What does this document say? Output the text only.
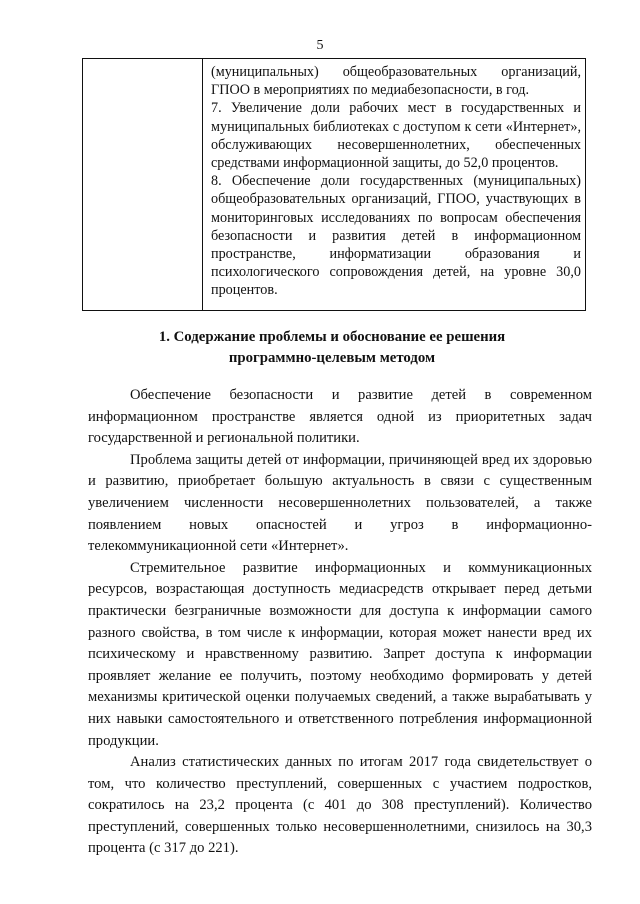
5

(муниципальных) общеобразовательных организаций, ГПОО в мероприятиях по медиабезопасности, в год.

7. Увеличение доли рабочих мест в государственных и муниципальных библиотеках с доступом к сети «Интернет», обслуживающих несовершеннолетних, обеспеченных средствами информационной защиты, до 52,0 процентов.

8. Обеспечение доли государственных (муниципальных) общеобразовательных организаций, ГПОО, участвующих в мониторинговых исследованиях по вопросам обеспечения безопасности и развития детей в информационном пространстве, информатизации образования и психологического сопровождения детей, на уровне 30,0 процентов.

1. Содержание проблемы и обоснование ее решения
программно-целевым методом

Обеспечение безопасности и развитие детей в современном информационном пространстве является одной из приоритетных задач государственной и региональной политики.

Проблема защиты детей от информации, причиняющей вред их здоровью и развитию, приобретает большую актуальность в связи с существенным увеличением численности несовершеннолетних пользователей, а также появлением новых опасностей и угроз в информационно-телекоммуникационной сети «Интернет».

Стремительное развитие информационных и коммуникационных ресурсов, возрастающая доступность медиасредств открывает перед детьми практически безграничные возможности для доступа к информации самого разного свойства, в том числе к информации, которая может нанести вред их психическому и нравственному развитию. Запрет доступа к информации проявляет желание ее получить, поэтому необходимо формировать у детей механизмы критической оценки получаемых сведений, а также вырабатывать у них навыки самостоятельного и ответственного потребления информационной продукции.

Анализ статистических данных по итогам 2017 года свидетельствует о том, что количество преступлений, совершенных с участием подростков, сократилось на 23,2 процента (с 401 до 308 преступлений). Количество преступлений, совершенных только несовершеннолетними, снизилось на 30,3 процента (с 317 до 221).
